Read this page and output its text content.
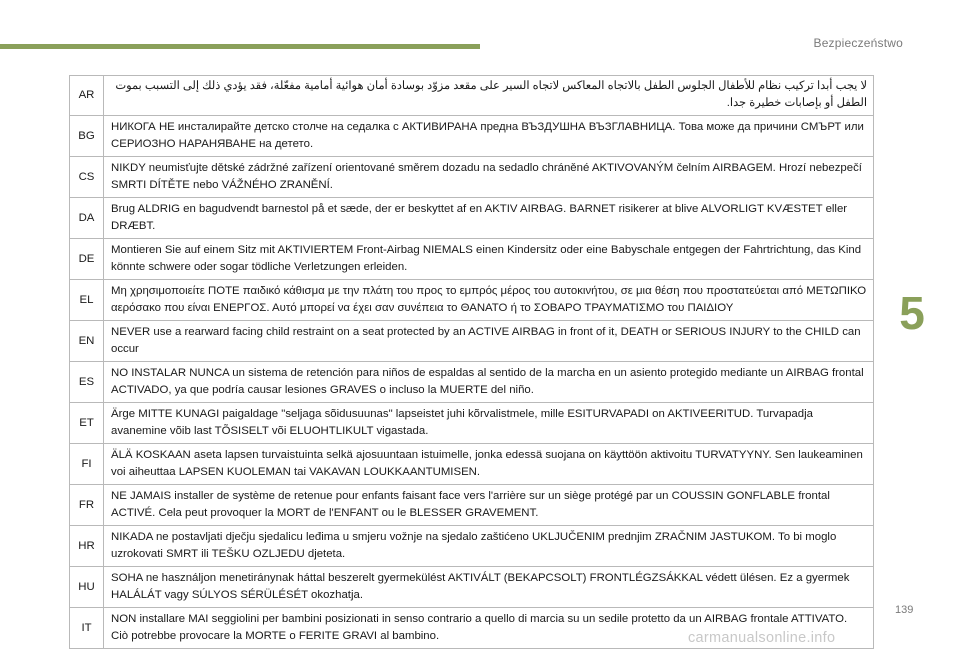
Bezpieczeństwo
5
AR	لا يجب أبدا تركيب نظام للأطفال الجلوس الطفل بالاتجاه المعاكس لاتجاه السير على مقعد مزوّد بوسادة أمان هوائية أمامية مفعّلة، فقد يؤدي ذلك إلى التسبب بموت الطفل أو بإصابات خطيرة جدا.
BG	НИКОГА НЕ инсталирайте детско столче на седалка с АКТИВИРАНА предна ВЪЗДУШНА ВЪЗГЛАВНИЦА. Това може да причини СМЪРТ или СЕРИОЗНО НАРАНЯВАНЕ на детето.
CS	NIKDY neumisťujte dětské zádržné zařízení orientované směrem dozadu na sedadlo chráněné AKTIVOVANÝM čelním AIRBAGEM. Hrozí nebezpečí SMRTI DÍTĚTE nebo VÁŽNÉHO ZRANĚNÍ.
DA	Brug ALDRIG en bagudvendt barnestol på et sæde, der er beskyttet af en AKTIV AIRBAG. BARNET risikerer at blive ALVORLIGT KVÆSTET eller DRÆBT.
DE	Montieren Sie auf einem Sitz mit AKTIVIERTEM Front-Airbag NIEMALS einen Kindersitz oder eine Babyschale entgegen der Fahrtrichtung, das Kind könnte schwere oder sogar tödliche Verletzungen erleiden.
EL	Μη χρησιμοποιείτε ΠΟΤΕ παιδικό κάθισμα με την πλάτη του προς το εμπρός μέρος του αυτοκινήτου, σε μια θέση που προστατεύεται από ΜΕΤΩΠΙΚΟ αερόσακο που είναι ΕΝΕΡΓΟΣ. Αυτό μπορεί να έχει σαν συνέπεια το ΘΑΝΑΤΟ ή το ΣΟΒΑΡΟ ΤΡΑΥΜΑΤΙΣΜΟ του ΠΑΙΔΙΟΥ
EN	NEVER use a rearward facing child restraint on a seat protected by an ACTIVE AIRBAG in front of it, DEATH or SERIOUS INJURY to the CHILD can occur
ES	NO INSTALAR NUNCA un sistema de retención para niños de espaldas al sentido de la marcha en un asiento protegido mediante un AIRBAG frontal ACTIVADO, ya que podría causar lesiones GRAVES o incluso la MUERTE del niño.
ET	Ärge MITTE KUNAGI paigaldage "seljaga sõidusuunas" lapseistet juhi kõrvalistmele, mille ESITURVAPADI on AKTIVEERITUD. Turvapadja avanemine võib last TÕSISELT või ELUOHTLIKULT vigastada.
FI	ÄLÄ KOSKAAN aseta lapsen turvaistuinta selkä ajosuuntaan istuimelle, jonka edessä suojana on käyttöön aktivoitu TURVATYYNY. Sen laukeaminen voi aiheuttaa LAPSEN KUOLEMAN tai VAKAVAN LOUKKAANTUMISEN.
FR	NE JAMAIS installer de système de retenue pour enfants faisant face vers l'arrière sur un siège protégé par un COUSSIN GONFLABLE frontal ACTIVÉ. Cela peut provoquer la MORT de l'ENFANT ou le BLESSER GRAVEMENT.
HR	NIKADA ne postavljati dječju sjedalicu leđima u smjeru vožnje na sjedalo zaštićeno UKLJUČENIM prednjim ZRAČNIM JASTUKOM. To bi moglo uzrokovati SMRT ili TEŠKU OZLJEDU djeteta.
HU	SOHA ne használjon menetiránynak háttal beszerelt gyermekülést AKTIVÁLT (BEKAPCSOLT) FRONTLÉGZSÁKKAL védett ülésen. Ez a gyermek HALÁLÁT vagy SÚLYOS SÉRÜLÉSÉT okozhatja.
IT	NON installare MAI seggiolini per bambini posizionati in senso contrario a quello di marcia su un sedile protetto da un AIRBAG frontale ATTIVATO. Ciò potrebbe provocare la MORTE o FERITE GRAVI al bambino.
139
carmanualsonline.info
